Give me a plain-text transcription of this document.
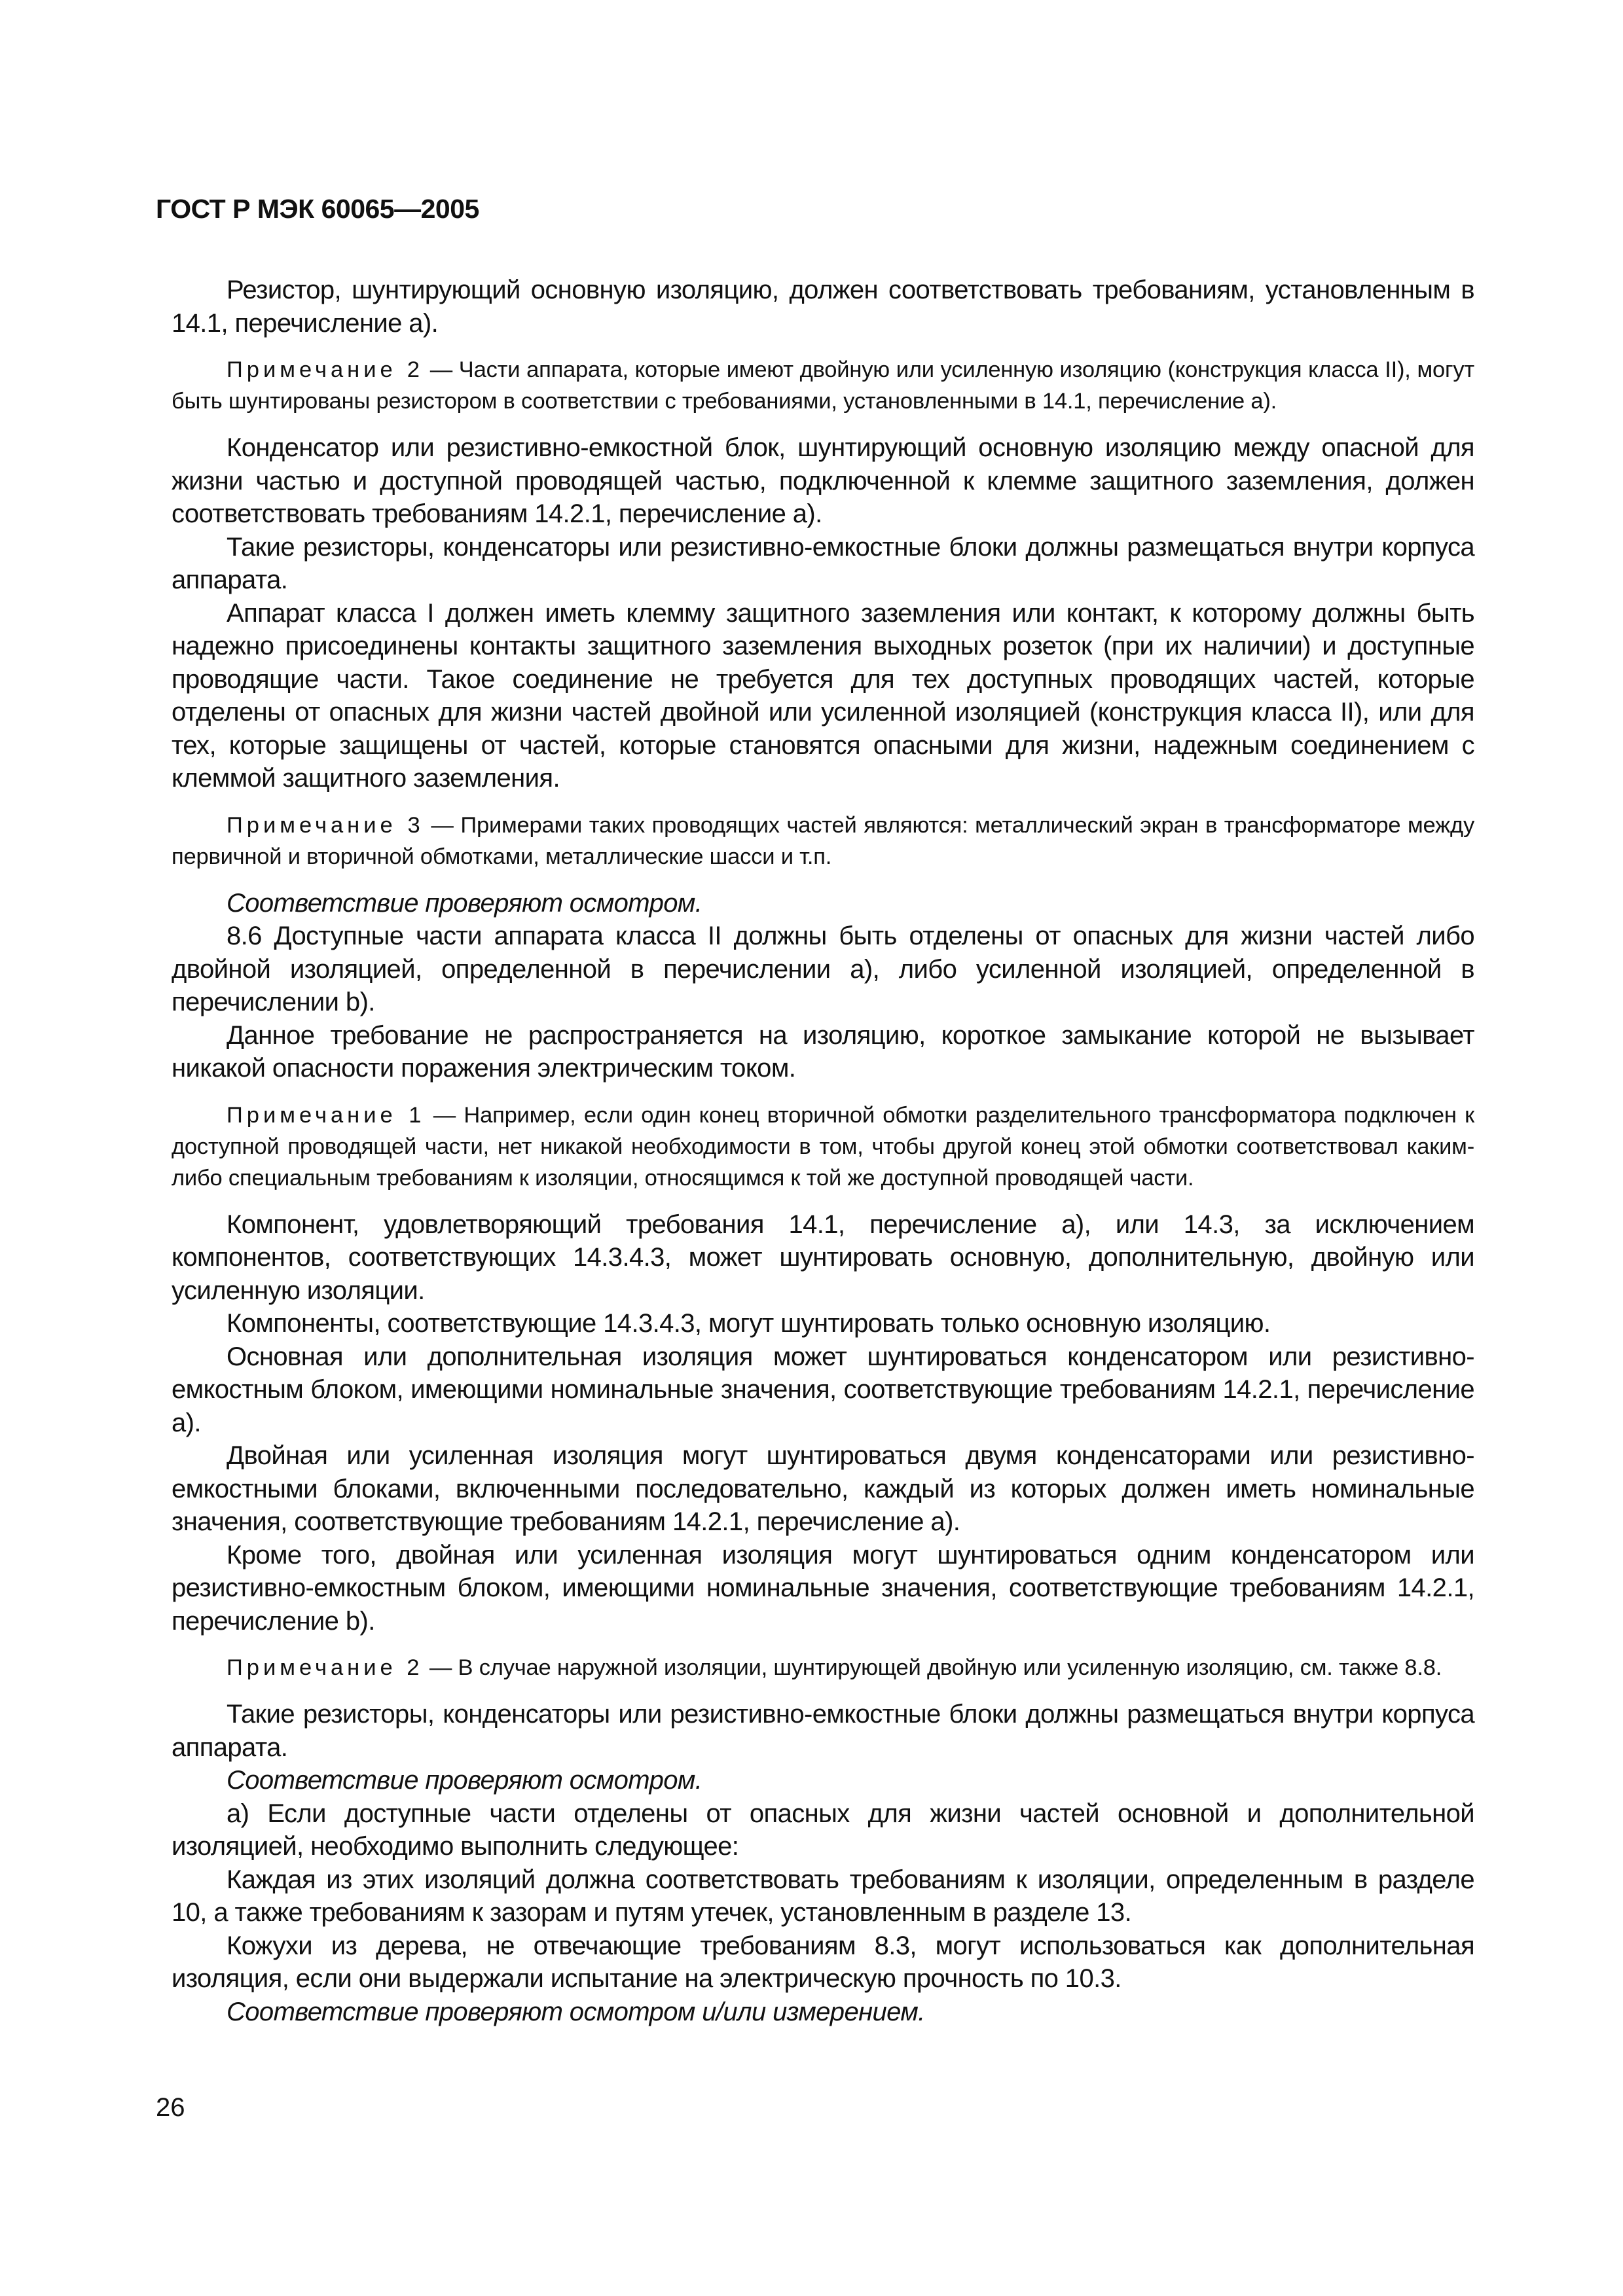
ГОСТ Р МЭК 60065—2005

Резистор, шунтирующий основную изоляцию, должен соответствовать требованиям, установленным в 14.1, перечисление а).

Примечание 2 — Части аппарата, которые имеют двойную или усиленную изоляцию (конструкция класса II), могут быть шунтированы резистором в соответствии с требованиями, установленными в 14.1, перечисление а).

Конденсатор или резистивно-емкостной блок, шунтирующий основную изоляцию между опасной для жизни частью и доступной проводящей частью, подключенной к клемме защитного заземления, должен соответствовать требованиям 14.2.1, перечисление а).

Такие резисторы, конденсаторы или резистивно-емкостные блоки должны размещаться внутри корпуса аппарата.

Аппарат класса I должен иметь клемму защитного заземления или контакт, к которому должны быть надежно присоединены контакты защитного заземления выходных розеток (при их наличии) и доступные проводящие части. Такое соединение не требуется для тех доступных проводящих частей, которые отделены от опасных для жизни частей двойной или усиленной изоляцией (конструкция класса II), или для тех, которые защищены от частей, которые становятся опасными для жизни, надежным соединением с клеммой защитного заземления.

Примечание 3 — Примерами таких проводящих частей являются: металлический экран в трансформаторе между первичной и вторичной обмотками, металлические шасси и т.п.

Соответствие проверяют осмотром.

8.6 Доступные части аппарата класса II должны быть отделены от опасных для жизни частей либо двойной изоляцией, определенной в перечислении а), либо усиленной изоляцией, определенной в перечислении b).

Данное требование не распространяется на изоляцию, короткое замыкание которой не вызывает никакой опасности поражения электрическим током.

Примечание 1 — Например, если один конец вторичной обмотки разделительного трансформатора подключен к доступной проводящей части, нет никакой необходимости в том, чтобы другой конец этой обмотки соответствовал каким-либо специальным требованиям к изоляции, относящимся к той же доступной проводящей части.

Компонент, удовлетворяющий требования 14.1, перечисление а), или 14.3, за исключением компонентов, соответствующих 14.3.4.3, может шунтировать основную, дополнительную, двойную или усиленную изоляции.

Компоненты, соответствующие 14.3.4.3, могут шунтировать только основную изоляцию.

Основная или дополнительная изоляция может шунтироваться конденсатором или резистивно-емкостным блоком, имеющими номинальные значения, соответствующие требованиям 14.2.1, перечисление а).

Двойная или усиленная изоляция могут шунтироваться двумя конденсаторами или резистивно-емкостными блоками, включенными последовательно, каждый из которых должен иметь номинальные значения, соответствующие требованиям 14.2.1, перечисление а).

Кроме того, двойная или усиленная изоляция могут шунтироваться одним конденсатором или резистивно-емкостным блоком, имеющими номинальные значения, соответствующие требованиям 14.2.1, перечисление b).

Примечание 2 — В случае наружной изоляции, шунтирующей двойную или усиленную изоляцию, см. также 8.8.

Такие резисторы, конденсаторы или резистивно-емкостные блоки должны размещаться внутри корпуса аппарата.

Соответствие проверяют осмотром.

а) Если доступные части отделены от опасных для жизни частей основной и дополнительной изоляцией, необходимо выполнить следующее:

Каждая из этих изоляций должна соответствовать требованиям к изоляции, определенным в разделе 10, а также требованиям к зазорам и путям утечек, установленным в разделе 13.

Кожухи из дерева, не отвечающие требованиям 8.3, могут использоваться как дополнительная изоляция, если они выдержали испытание на электрическую прочность по 10.3.

Соответствие проверяют осмотром и/или измерением.

26
